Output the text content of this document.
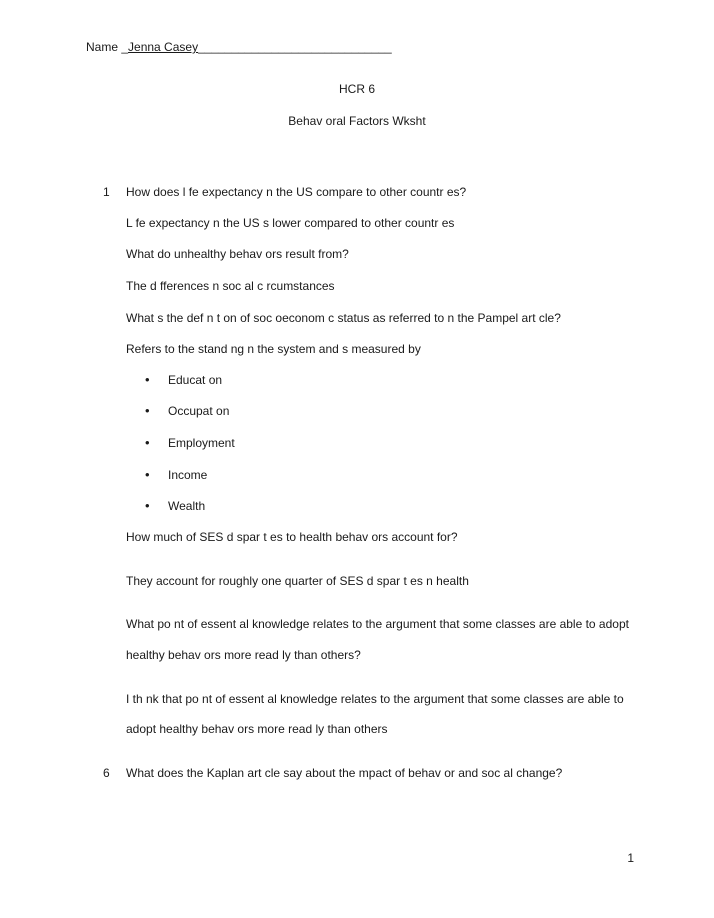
Name _Jenna Casey_____________________________
HCR 6
Behav oral Factors Wksht
1 How does l fe expectancy n the US compare to other countr es?
L fe expectancy n the US s lower compared to other countr es
What do unhealthy behav ors result from?
The d fferences n soc al c rcumstances
What s the def n t on of soc oeconom c status as referred to n the Pampel art cle?
Refers to the stand ng n the system and s measured by
• Educat on
• Occupat on
• Employment
• Income
• Wealth
How much of SES d spar t es to health behav ors account for?
They account for roughly one quarter of SES d spar t es n health
What po nt of essent al knowledge relates to the argument that some classes are able to adopt
healthy behav ors more read ly than others?
I th nk that po nt of essent al knowledge relates to the argument that some classes are able to
adopt healthy behav ors more read ly than others
6 What does the Kaplan art cle say about the mpact of behav or and soc al change?
1
